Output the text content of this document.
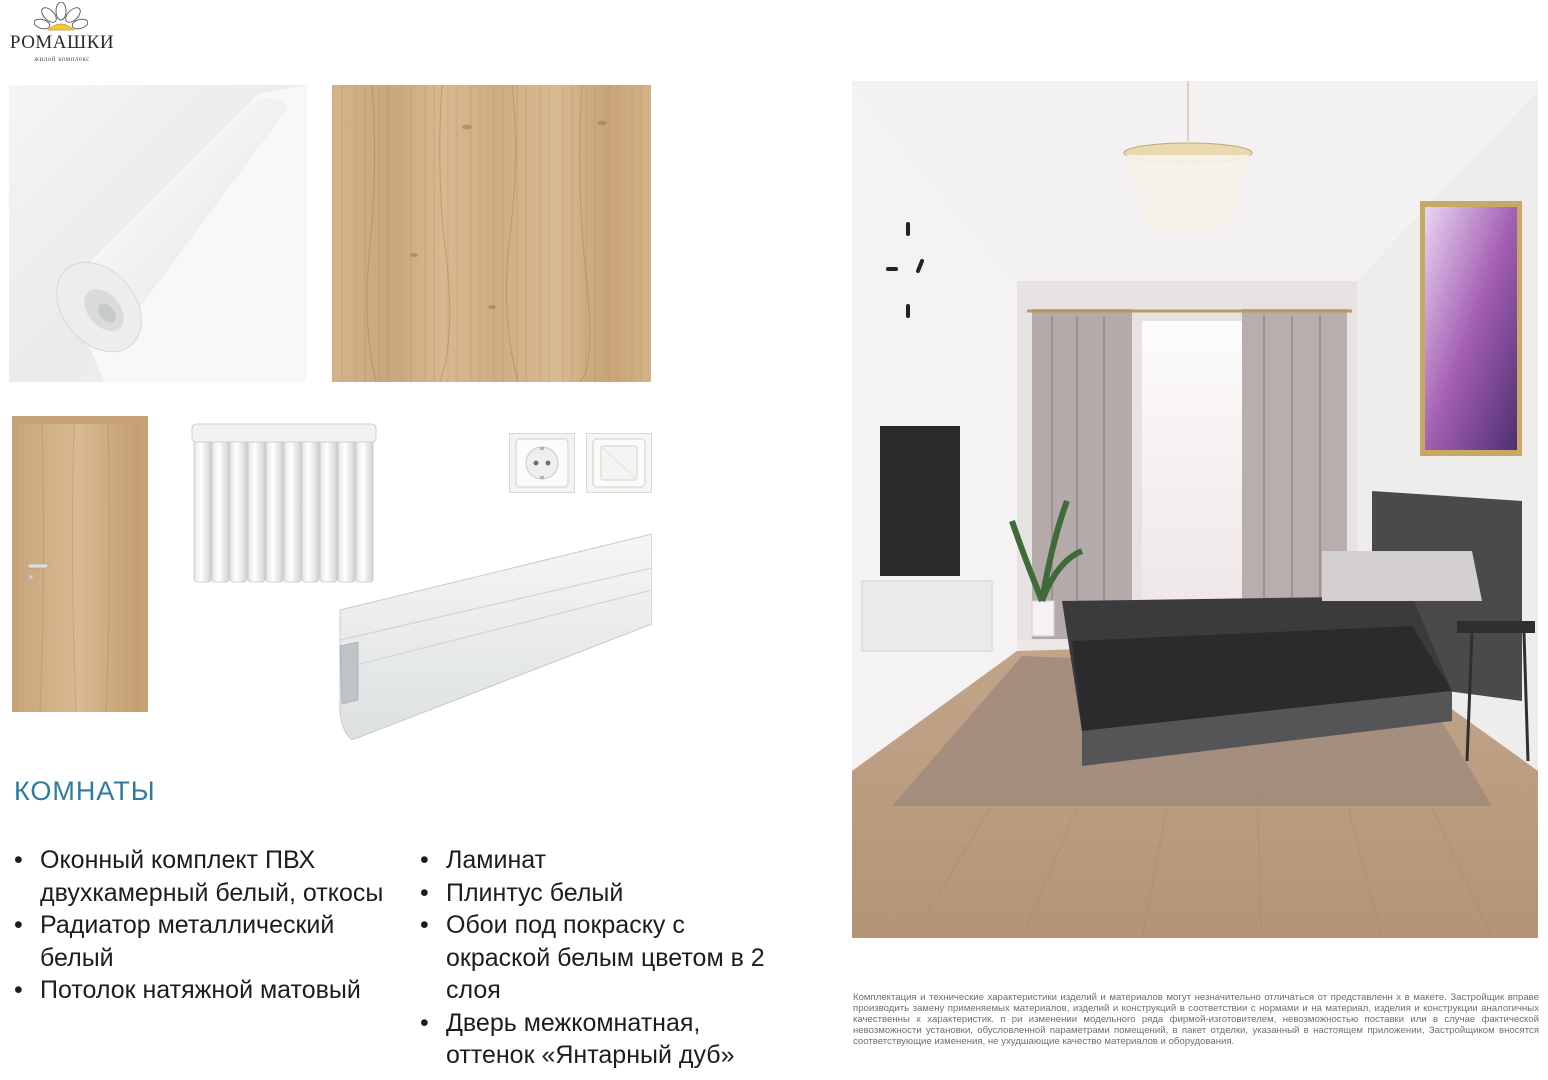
РОМАШКИ
жилой комплекс
КОМНАТЫ
• Оконный комплект ПВХ двухкамерный белый, откосы
• Радиатор металлический белый
• Потолок натяжной матовый
• Ламинат
• Плинтус белый
• Обои под покраску с окраской белым цветом в 2 слоя
• Дверь межкомнатная, оттенок «Янтарный дуб»
Комплектация и технические характеристики изделий и материалов могут незначительно отличаться от представленн х в макете. Застройщик вправе производить замену применяемых материалов, изделий и конструкций в соответствии с нормами и на материал, изделия и конструкции аналогичных качественны х характеристик. п ри изменении модельного ряда фирмой-изготовителем, невозможностью поставки или в случае фактической невозможности установки, обусловленной параметрами помещений, в пакет отделки, указанный в настоящем приложении, Застройщиком вносятся соответствующие изменения, не ухудшающие качество материалов и оборудования.
